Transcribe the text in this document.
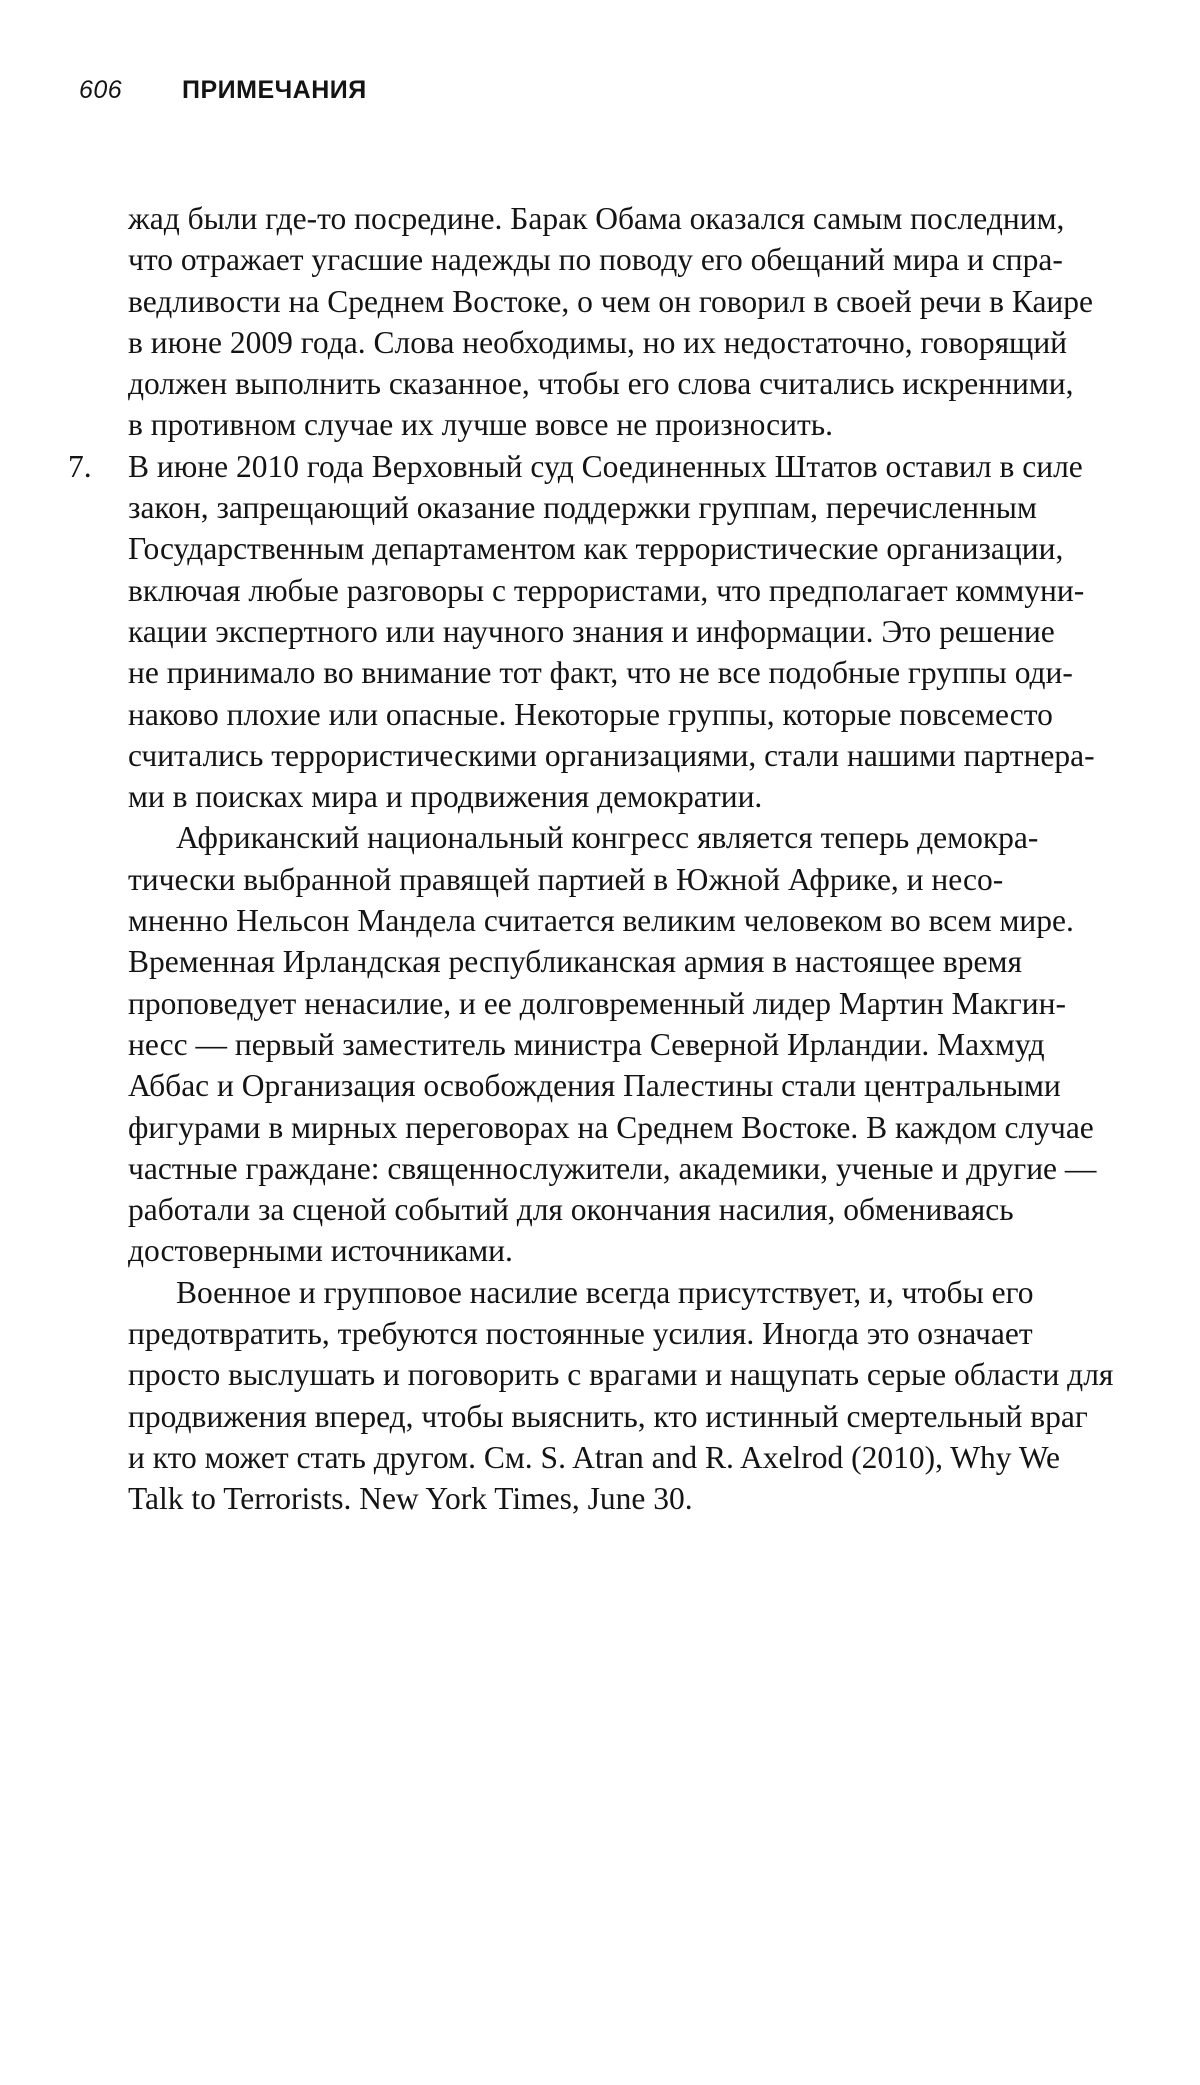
606	ПРИМЕЧАНИЯ
жад были где-то посредине. Барак Обама оказался самым последним,
что отражает угасшие надежды по поводу его обещаний мира и спра-
ведливости на Среднем Востоке, о чем он говорил в своей речи в Каире
в июне 2009 года. Слова необходимы, но их недостаточно, говорящий
должен выполнить сказанное, чтобы его слова считались искренними,
в противном случае их лучше вовсе не произносить.
7.	В июне 2010 года Верховный суд Соединенных Штатов оставил в силе
закон, запрещающий оказание поддержки группам, перечисленным
Государственным департаментом как террористические организации,
включая любые разговоры с террористами, что предполагает коммуни-
кации экспертного или научного знания и информации. Это решение
не принимало во внимание тот факт, что не все подобные группы оди-
наково плохие или опасные. Некоторые группы, которые повсеместо
считались террористическими организациями, стали нашими партнера-
ми в поисках мира и продвижения демократии.
Африканский национальный конгресс является теперь демокра-
тически выбранной правящей партией в Южной Африке, и несо-
мненно Нельсон Мандела считается великим человеком во всем мире.
Временная Ирландская республиканская армия в настоящее время
проповедует ненасилие, и ее долговременный лидер Мартин Макгин-
несс — первый заместитель министра Северной Ирландии. Махмуд
Аббас и Организация освобождения Палестины стали центральными
фигурами в мирных переговорах на Среднем Востоке. В каждом случае
частные граждане: священнослужители, академики, ученые и другие —
работали за сценой событий для окончания насилия, обмениваясь
достоверными источниками.
Военное и групповое насилие всегда присутствует, и, чтобы его
предотвратить, требуются постоянные усилия. Иногда это означает
просто выслушать и поговорить с врагами и нащупать серые области для
продвижения вперед, чтобы выяснить, кто истинный смертельный враг
и кто может стать другом. См. S. Atran and R. Axelrod (2010), Why We
Talk to Terrorists. New York Times, June 30.
